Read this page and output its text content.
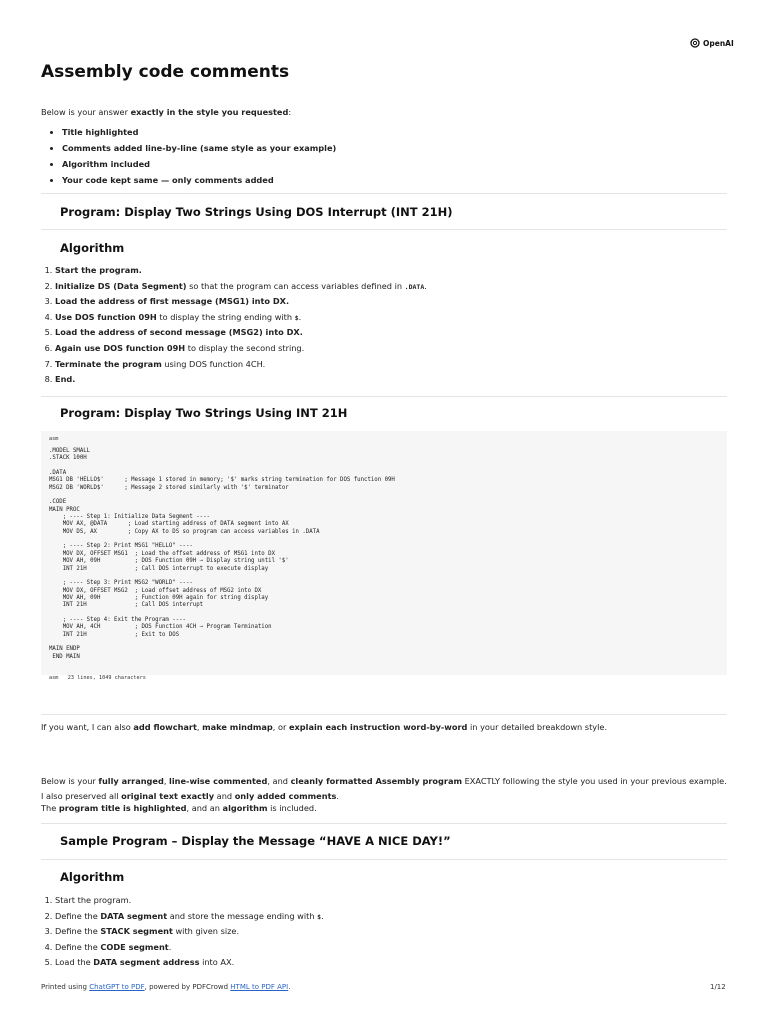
OpenAI
Assembly code comments
Below is your answer exactly in the style you requested:
• Title highlighted
• Comments added line-by-line (same style as your example)
• Algorithm included
• Your code kept same — only comments added
Program: Display Two Strings Using DOS Interrupt (INT 21H)
Algorithm
1. Start the program.
2. Initialize DS (Data Segment) so that the program can access variables defined in .DATA.
3. Load the address of first message (MSG1) into DX.
4. Use DOS function 09H to display the string ending with $.
5. Load the address of second message (MSG2) into DX.
6. Again use DOS function 09H to display the second string.
7. Terminate the program using DOS function 4CH.
8. End.
Program: Display Two Strings Using INT 21H
asm
.MODEL SMALL
.STACK 100H

.DATA
MSG1 DB 'HELLO$'      ; Message 1 stored in memory; '$' marks string termination for DOS function 09H
MSG2 DB 'WORLD$'      ; Message 2 stored similarly with '$' terminator

.CODE
MAIN PROC
; ---- Step 1: Initialize Data Segment ----
MOV AX, @DATA      ; Load starting address of DATA segment into AX
MOV DS, AX         ; Copy AX to DS so program can access variables in .DATA

; ---- Step 2: Print MSG1 "HELLO" ----
MOV DX, OFFSET MSG1  ; Load the offset address of MSG1 into DX
MOV AH, 09H          ; DOS Function 09H → Display string until '$'
INT 21H              ; Call DOS interrupt to execute display

; ---- Step 3: Print MSG2 "WORLD" ----
MOV DX, OFFSET MSG2  ; Load offset address of MSG2 into DX
MOV AH, 09H          ; Function 09H again for string display
INT 21H              ; Call DOS interrupt

; ---- Step 4: Exit the Program ----
MOV AH, 4CH          ; DOS Function 4CH → Program Termination
INT 21H              ; Exit to DOS

MAIN ENDP
END MAIN
asm   23 lines, 1049 characters
If you want, I can also add flowchart, make mindmap, or explain each instruction word-by-word in your detailed breakdown style.
Below is your fully arranged, line-wise commented, and cleanly formatted Assembly program EXACTLY following the style you used in your previous example.
I also preserved all original text exactly and only added comments.
The program title is highlighted, and an algorithm is included.
Sample Program – Display the Message “HAVE A NICE DAY!”
Algorithm
1. Start the program.
2. Define the DATA segment and store the message ending with $.
3. Define the STACK segment with given size.
4. Define the CODE segment.
5. Load the DATA segment address into AX.
Printed using ChatGPT to PDF, powered by PDFCrowd HTML to PDF API.	1/12
